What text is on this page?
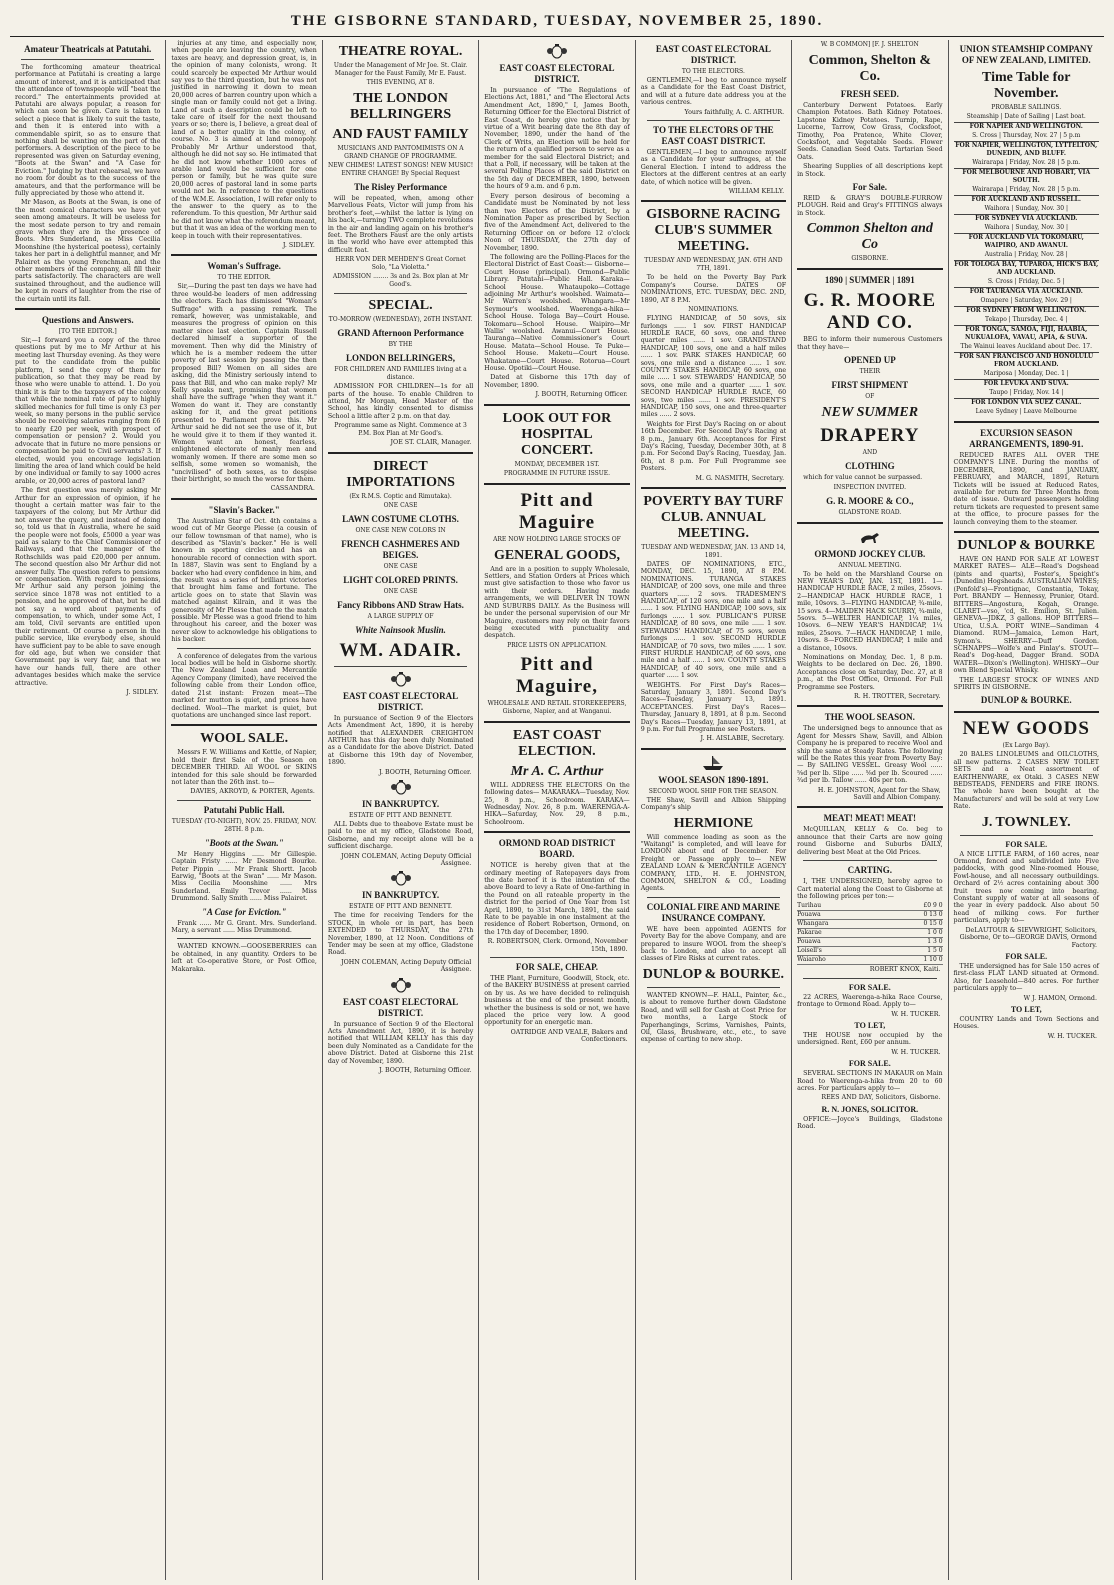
THE GISBORNE STANDARD, TUESDAY, NOVEMBER 25, 1890.
Amateur Theatricals at Patutahi.

The forthcoming amateur theatrical performance at Patutahi is creating a large amount of interest, and it is anticipated that the attendance of townspeople will "beat the record." The entertainments provided at Patutahi are always popular, a reason for which can soon be given. Care is taken to select a piece that is likely to suit the taste, and then it is entered into with a commendable spirit, so as to ensure that nothing shall be wanting on the part of the performers. A description of the piece to be represented was given on Saturday evening, "Boots at the Swan" and "A Case for Eviction." Judging by that rehearsal, we have no room for doubt as to the success of the amateurs, and that the performance will be fully appreciated by those who attend it.

Mr Mason, as Boots at the Swan, is one of the most comical characters we have yet seen among amateurs. It will be useless for the most sedate person to try and remain grave when they are in the presence of Boots. Mrs Sunderland, as Miss Cecilia Moonshine (the hysterical poetess), certainly takes her part in a delightful manner, and Mr Palairet as the young Frenchman, and the other members of the company, all fill their parts satisfactorily. The characters are well sustained throughout, and the audience will be kept in roars of laughter from the rise of the curtain until its fall.

Questions and Answers.
[TO THE EDITOR.]

Sir,—I forward you a copy of the three questions put by me to Mr Arthur at his meeting last Thursday evening. As they were put to the candidate from the public platform, I send the copy of them for publication, so that they may be read by those who were unable to attend. 1. Do you think it is fair to the taxpayers of the colony that while the nominal rate of pay to highly skilled mechanics for full time is only £3 per week, so many persons in the public service should be receiving salaries ranging from £6 to nearly £20 per week, with prospect of compensation or pension? 2. Would you advocate that in future no more pensions or compensation be paid to Civil servants? 3. If elected, would you encourage legislation limiting the area of land which could be held by one individual or family to say 1000 acres arable, or 20,000 acres of pastoral land?

The first question was merely asking Mr Arthur for an expression of opinion, if he thought a certain matter was fair to the taxpayers of the colony, but Mr Arthur did not answer the query, and instead of doing so, told us that in Australia, where he said the people were not fools, £5000 a year was paid as salary to the Chief Commissioner of Railways, and that the manager of the Rothschilds was paid £20,000 per annum. The second question also Mr Arthur did not answer fully. The question refers to pensions or compensation. With regard to pensions, Mr Arthur said any person joining the service since 1878 was not entitled to a pension, and he approved of that, but he did not say a word about payments of compensation, to which, under some Act, I am told, Civil servants are entitled upon their retirement. Of course a person in the public service, like everybody else, should have sufficient pay to be able to save enough for old age, but when we consider that Government pay is very fair, and that we have our hands full, there are other advantages besides which make the service attractive.

J. SIDLEY.

injuries at any time, and especially now, when people are leaving the country, when taxes are heavy, and depression great, is, in the opinion of many colonists, wrong. It could scarcely be expected Mr Arthur would say yes to the third question, but he was not justified in narrowing it down to mean 20,000 acres of barren country upon which a single man or family could not get a living. Land of such a description could be left to take care of itself for the next thousand years or so; there is, I believe, a great deal of land of a better quality in the colony, of course. No. 3 is aimed at land monopoly. Probably Mr Arthur understood that, although he did not say so. He intimated that he did not know whether 1000 acres of arable land would be sufficient for one person or family, but he was quite sure 20,000 acres of pastoral land in some parts would not be. In reference to the questions of the W.M.E. Association, I will refer only to the answer to the query as to the referendum. To this question, Mr Arthur said he did not know what the referendum meant, but that it was an idea of the working men to keep in touch with their representatives.

J. SIDLEY.
Woman's Suffrage.
TO THE EDITOR.

Sir,—During the past ten days we have had three would-be leaders of men addressing the electors. Each has dismissed "Woman's Suffrage" with a passing remark. The remark, however, was unmistakable, and measures the progress of opinion on this matter since last election. Captain Russell declared himself a supporter of the movement. Then why did the Ministry of which he is a member redeem the utter poverty of last session by passing the then proposed Bill? Women on all sides are asking, did the Ministry seriously intend to pass that Bill, and who can make reply? Mr Kelly speaks next, promising that women shall have the suffrage "when they want it." Women do want it. They are constantly asking for it, and the great petitions presented to Parliament prove this. Mr Arthur said he did not see the use of it, but he would give it to them if they wanted it. Women want an honest, fearless, enlightened electorate of manly men and womanly women. If there are some men so selfish, some women so womanish, the "uncivilised" of both sexes, as to despise their birthright, so much the worse for them.

CASSANDRA.
"Slavin's Backer."

The Australian Star of Oct. 4th contains a wood cut of Mr George Plesse (a cousin of our fellow townsman of that name), who is described as "Slavin's backer." He is well known in sporting circles and has an honourable record of connection with sport. In 1887, Slavin was sent to England by a backer who had every confidence in him, and the result was a series of brilliant victories that brought him fame and fortune. The article goes on to state that Slavin was matched against Kilrain, and it was the generosity of Mr Plesse that made the match possible. Mr Plesse was a good friend to him throughout his career, and the boxer was never slow to acknowledge his obligations to his backer.

A conference of delegates from the various local bodies will be held in Gisborne shortly. The New Zealand Loan and Mercantile Agency Company (limited), have received the following cable from their London office, dated 21st instant: Frozen meat—The market for mutton is quiet, and prices have declined. Wool—The market is quiet, but quotations are unchanged since last report.

WOOL SALE.

Messrs F. W. Williams and Kettle, of Napier, hold their first Sale of the Season on DECEMBER THIRD. All WOOL or SKINS intended for this sale should be forwarded not later than the 26th inst. to—

DAVIES, AKROYD, & PORTER, Agents.
Patutahi Public Hall.
TUESDAY (TO-NIGHT), NOV. 25. FRIDAY, NOV. 28TH. 8 p.m.
"Boots at the Swan."

Mr Henry Higgins ...... Mr Gillespie. Captain Fristy ...... Mr Desmond Bourke. Peter Pippin ...... Mr Frank Shortt. Jacob Earwig, "Boots at the Swan" ...... Mr Mason. Miss Cecilia Moonshine ...... Mrs Sunderland. Emily Trevor ...... Miss Drummond. Sally Smith ...... Miss Palairet.

"A Case for Eviction."

Frank ...... Mr G. Grant. Mrs. Sunderland. Mary, a servant ...... Miss Drummond.

WANTED KNOWN.—GOOSEBERRIES can be obtained, in any quantity. Orders to be left at Co-operative Store, or Post Office, Makaraka.

THEATRE ROYAL.
Under the Management of Mr Joe. St. Clair. Manager for the Faust Family, Mr E. Faust.
THIS EVENING, AT 8.
THE LONDON BELLRINGERS
AND FAUST FAMILY
MUSICIANS AND PANTOMIMISTS ON A GRAND CHANGE OF PROGRAMME.
NEW CHIMES! LATEST SONGS! NEW MUSIC! ENTIRE CHANGE! By Special Request
The Risley Performance

will be repeated, when, among other Marvellous Feats, Victor will jump from his brother's feet,—whilst the latter is lying on his back,—turning TWO complete revolutions in the air and landing again on his brother's feet. The Brothers Faust are the only artists in the world who have ever attempted this difficult feat.

HERR VON DER MEHDEN'S Great Cornet Solo, "La Violetta."
ADMISSION ........ 3s and 2s. Box plan at Mr Good's.
SPECIAL.
TO-MORROW (WEDNESDAY), 26TH INSTANT.
GRAND Afternoon Performance
BY THE
LONDON BELLRINGERS,
FOR CHILDREN AND FAMILIES living at a distance.

ADMISSION FOR CHILDREN—1s for all parts of the house. To enable Children to attend, Mr Morgan, Head Master of the School, has kindly consented to dismiss School a little after 2 p.m. on that day.

Programme same as Night. Commence at 3 P.M. Box Plan at Mr Good's.
JOE ST. CLAIR, Manager.
DIRECT IMPORTATIONS
(Ex R.M.S. Coptic and Rimutaka).
ONE CASE
LAWN COSTUME CLOTHS.
ONE CASE NEW COLORS IN
FRENCH CASHMERES AND BEIGES.
ONE CASE
LIGHT COLORED PRINTS.
ONE CASE
Fancy Ribbons AND Straw Hats.
A LARGE SUPPLY OF
White Nainsook Muslin.
WM. ADAIR.
EAST COAST ELECTORAL DISTRICT.

In pursuance of Section 9 of the Electors Acts Amendment Act, 1890, it is hereby notified that ALEXANDER CREIGHTON ARTHUR has this day been duly Nominated as a Candidate for the above District. Dated at Gisborne this 19th day of November, 1890.

J. BOOTH, Returning Officer.
IN BANKRUPTCY.
ESTATE OF PITT AND BENNETT.

ALL Debts due to theabove Estate must be paid to me at my office, Gladstone Road, Gisborne, and my receipt alone will be a sufficient discharge.

JOHN COLEMAN, Acting Deputy Official Assignee.
IN BANKRUPTCY.
ESTATE OF PITT AND BENNETT.

The time for receiving Tenders for the STOCK, in whole or in part, has been EXTENDED to THURSDAY, the 27th November, 1890, at 12 Noon. Conditions of Tender may be seen at my office, Gladstone Road.

JOHN COLEMAN, Acting Deputy Official Assignee.
EAST COAST ELECTORAL DISTRICT.

In pursuance of Section 9 of the Electoral Acts Amendment Act, 1890, it is hereby notified that WILLIAM KELLY has this day been duly Nominated as a Candidate for the above District. Dated at Gisborne this 21st day of November, 1890.

J. BOOTH, Returning Officer.
EAST COAST ELECTORAL DISTRICT.

In pursuance of "The Regulations of Elections Act, 1881," and "The Electoral Acts Amendment Act, 1890," I, James Booth, Returning Officer for the Electoral District of East Coast, do hereby give notice that by virtue of a Writ bearing date the 8th day of November, 1890, under the hand of the Clerk of Writs, an Election will be held for the return of a qualified person to serve as a member for the said Electoral District; and that a Poll, if necessary, will be taken at the several Polling Places of the said District on the 5th day of DECEMBER, 1890, between the hours of 9 a.m. and 6 p.m.

Every person desirous of becoming a Candidate must be Nominated by not less than two Electors of the District, by a Nomination Paper as prescribed by Section five of the Amendment Act, delivered to the Returning Officer on or before 12 o'clock Noon of THURSDAY, the 27th day of November, 1890.

The following are the Polling-Places for the Electoral District of East Coast:— Gisborne—Court House (principal). Ormond—Public Library. Patutahi—Public Hall. Karaka—School House. Whataupoko—Cottage adjoining Mr Arthur's woolshed. Waimata—Mr Warren's woolshed. Whangara—Mr Seymour's woolshed. Waerenga-a-hika—School House. Tologa Bay—Court House. Tokomaru—School House. Waipiro—Mr Wallis' woolshed. Awanui—Court House. Tauranga—Native Commissioner's Court House. Matata—School House. Te Puke—School House. Maketu—Court House. Whakatane—Court House. Rotorua—Court House. Opotiki—Court House.

Dated at Gisborne this 17th day of November, 1890.

J. BOOTH, Returning Officer.
LOOK OUT FOR HOSPITAL CONCERT.
MONDAY, DECEMBER 1ST.
PROGRAMME IN FUTURE ISSUE.
Pitt and Maguire
ARE NOW HOLDING LARGE STOCKS OF
GENERAL GOODS,

And are in a position to supply Wholesale, Settlers, and Station Orders at Prices which must give satisfaction to those who favor us with their orders. Having made arrangements, we will DELIVER IN TOWN AND SUBURBS DAILY. As the Business will be under the personal supervision of our Mr Maguire, customers may rely on their favors being executed with punctuality and despatch.

PRICE LISTS ON APPLICATION.
Pitt and Maguire,
WHOLESALE AND RETAIL STOREKEEPERS, Gisborne, Napier, and at Wanganui.
EAST COAST ELECTION.
Mr A. C. Arthur

WILL ADDRESS THE ELECTORS On the following dates— MAKARAKA—Tuesday, Nov. 25, 8 p.m., Schoolroom. KARAKA—Wednesday, Nov. 26, 8 p.m. WAERENGA-A-HIKA—Saturday, Nov. 29, 8 p.m., Schoolroom.

ORMOND ROAD DISTRICT BOARD.

NOTICE is hereby given that at the ordinary meeting of Ratepayers days from the date hereof it is the intention of the above Board to levy a Rate of One-farthing in the Pound on all rateable property in the district for the period of One Year from 1st April, 1890, to 31st March, 1891, the said Rate to be payable in one instalment at the residence of Robert Robertson, Ormond, on the 17th day of December, 1890.

R. ROBERTSON, Clerk. Ormond, November 15th, 1890.
FOR SALE, CHEAP.

THE Plant, Furniture, Goodwill, Stock, etc. of the BAKERY BUSINESS at present carried on by us. As we have decided to relinquish business at the end of the present month, whether the business is sold or not, we have placed the price very low. A good opportunity for an energetic man.

OATRIDGE AND VEALE, Bakers and Confectioners.
EAST COAST ELECTORAL DISTRICT.
TO THE ELECTORS.

GENTLEMEN,—I beg to announce myself as a Candidate for the East Coast District, and will at a future date address you at the various centres.

Yours faithfully, A. C. ARTHUR.
TO THE ELECTORS OF THE EAST COAST DISTRICT.

GENTLEMEN,—I beg to announce myself as a Candidate for your suffrages, at the General Election. I intend to address the Electors at the different centres at an early date, of which notice will be given.

WILLIAM KELLY.
GISBORNE RACING CLUB'S SUMMER MEETING.
TUESDAY AND WEDNESDAY, JAN. 6TH AND 7TH, 1891.

To be held on the Poverty Bay Park Company's Course. DATES OF NOMINATIONS, ETC. TUESDAY, DEC. 2ND, 1890, AT 8 P.M.

NOMINATIONS.

FLYING HANDICAP, of 50 sovs, six furlongs ...... 1 sov. FIRST HANDICAP HURDLE RACE, 60 sovs, one and three quarter miles ...... 1 sov. GRANDSTAND HANDICAP, 100 sovs, one and a half miles ...... 1 sov. PARK STAKES HANDICAP, 60 sovs, one mile and a distance ...... 1 sov. COUNTY STAKES HANDICAP, 60 sovs, one mile ...... 1 sov. STEWARDS' HANDICAP, 50 sovs, one mile and a quarter ...... 1 sov. SECOND HANDICAP HURDLE RACE, 60 sovs, two miles ...... 1 sov. PRESIDENT'S HANDICAP, 150 sovs, one and three-quarter miles ...... 2 sovs.

Weights for First Day's Racing on or about 16th December. For Second Day's Racing at 8 p.m., January 6th. Acceptances for First Day's Racing, Tuesday, December 30th, at 8 p.m. For Second Day's Racing, Tuesday, Jan. 6th, at 8 p.m. For Full Programme see Posters.

M. G. NASMITH, Secretary.
POVERTY BAY TURF CLUB. ANNUAL MEETING.
TUESDAY AND WEDNESDAY, JAN. 13 AND 14, 1891.

DATES OF NOMINATIONS, ETC., MONDAY, DEC. 15, 1890, AT 8 P.M. NOMINATIONS. TURANGA STAKES HANDICAP, of 200 sovs, one mile and three quarters ...... 2 sovs. TRADESMEN'S HANDICAP, of 120 sovs, one mile and a half ...... 1 sov. FLYING HANDICAP, 100 sovs, six furlongs ...... 1 sov. PUBLICAN'S PURSE HANDICAP, of 80 sovs, one mile ...... 1 sov. STEWARDS' HANDICAP, of 75 sovs, seven furlongs ...... 1 sov. SECOND HURDLE HANDICAP, of 70 sovs, two miles ...... 1 sov. FIRST HURDLE HANDICAP, of 60 sovs, one mile and a half ...... 1 sov. COUNTY STAKES HANDICAP, of 40 sovs, one mile and a quarter ...... 1 sov.

WEIGHTS. For First Day's Races—Saturday, January 3, 1891. Second Day's Races—Tuesday, January 13, 1891. ACCEPTANCES. First Day's Races—Thursday, January 8, 1891, at 8 p.m. Second Day's Races—Tuesday, January 13, 1891, at 9 p.m. For full Programme see Posters.

J. H. AISLABIE, Secretary.
WOOL SEASON 1890-1891.
SECOND WOOL SHIP FOR THE SEASON.

THE Shaw, Savill and Albion Shipping Company's ship

HERMIONE

Will commence loading as soon as the "Waitangi" is completed, and will leave for LONDON about end of December. For Freight or Passage apply to— NEW ZEALAND LOAN & MERCANTILE AGENCY COMPANY, LTD., H. E. JOHNSTON, COMMON, SHELTON & CO., Loading Agents.

COLONIAL FIRE AND MARINE INSURANCE COMPANY.

WE have been appointed AGENTS for Poverty Bay for the above Company, and are prepared to insure WOOL from the sheep's back to London, and also to accept all classes of Fire Risks at current rates.

DUNLOP & BOURKE.

WANTED KNOWN—F. HALL, Painter, &c., is about to remove further down Gladstone Road, and will sell for Cash at Cost Price for two months, a Large Stock of Paperhangings, Scrims, Varnishes, Paints, Oil, Glass, Brushware, etc., etc., to save expense of carting to new shop.

W. B COMMON] [F. J. SHELTON
Common, Shelton & Co.
FRESH SEED.

Canterbury Derwent Potatoes. Early Champion Potatoes. Bath Kidney Potatoes. Lapstone Kidney Potatoes. Turnip, Rape, Lucerne, Tarrow, Cow Grass, Cocksfoot, Timothy, Poa Pratence, White Clover, Cocksfoot, and Vegetable Seeds. Flower Seeds. Canadian Seed Oats. Tartarian Seed Oats.

Shearing Supplies of all descriptions kept in Stock.

For Sale.

REID & GRAY'S DOUBLE-FURROW PLOUGH. Reid and Gray's FITTINGS always in Stock.

Common Shelton and Co
GISBORNE.
1890 | SUMMER | 1891
G. R. MOORE AND CO.

BEG to inform their numerous Customers that they have—

OPENED UP
THEIR
FIRST SHIPMENT
OF
NEW SUMMER
DRAPERY
AND
CLOTHING

which for value cannot be surpassed.

INSPECTION INVITED.
G. R. MOORE & CO.,
GLADSTONE ROAD.
ORMOND JOCKEY CLUB.
ANNUAL MEETING.

To be held on the Marshland Course on NEW YEAR'S DAY, JAN. 1ST, 1891. 1—HANDICAP HURDLE RACE, 2 miles, 25sovs. 2—HANDICAP HACK HURDLE RACE, 1 mile, 10sovs. 3—FLYING HANDICAP, ¾-mile, 15 sovs. 4—MAIDEN HACK SCURRY, ¾-mile, 5sovs. 5—WELTER HANDICAP, 1¼ miles, 10sovs. 6—NEW YEAR'S HANDICAP, 1¼ miles, 25sovs. 7—HACK HANDICAP, 1 mile, 10sovs. 8—FORCED HANDICAP, 1 mile and a distance, 10sovs.

Nominations on Monday, Dec. 1, 8 p.m. Weights to be declared on Dec. 26, 1890. Acceptances close on Saturday, Dec. 27, at 8 p.m., at the Post Office, Ormond. For Full Programme see Posters.

R. H. TROTTER, Secretary.
THE WOOL SEASON.

The undersigned begs to announce that as Agent for Messrs Shaw, Savill, and Albion Company he is prepared to receive Wool and ship the same at Steady Rates. The following will be the Rates this year from Poverty Bay:— By SAILING VESSEL. Greasy Wool ...... ⅝d per lb. Slipe ...... ⅝d per lb. Scoured ...... ¾d per lb. Tallow ...... 40s per ton.

H. E. JOHNSTON, Agent for the Shaw, Savill and Albion Company.
MEAT! MEAT! MEAT!

McQUILLAN, KELLY & Co. beg to announce that their Carts are now going round Gisborne and Suburbs DAILY, delivering best Meat at the Old Prices.

CARTING.

I, THE UNDERSIGNED, hereby agree to Cart material along the Coast to Gisborne at the following prices per ton:—

Turihau	£0 9 0
Pouawa	0 13 0
Whangara	0 15 0
Pakarae	1 0 0
Pouawa	1 3 0
Loisell's	1 5 0
Waiaroho	1 10 0
ROBERT KNOX, Kaiti.
FOR SALE.

22 ACRES, Waerenga-a-hika Race Course, frontage to Ormond Road. Apply to—

W. H. TUCKER.
TO LET,

THE HOUSE now occupied by the undersigned. Rent, £60 per annum.

W. H. TUCKER.
FOR SALE.

SEVERAL SECTIONS IN MAKAUR on Main Road to Waerenga-a-hika from 20 to 60 acres. For particulars apply to—

REES AND DAY, Solicitors, Gisborne.
R. N. JONES, SOLICITOR.

OFFICE:—Joyce's Buildings, Gladstone Road.

UNION STEAMSHIP COMPANY OF NEW ZEALAND, LIMITED.
Time Table for November.
PROBABLE SAILINGS.
Steamship | Date of Sailing | Last boat.
FOR NAPIER AND WELLINGTON.
S. Cross | Thursday, Nov. 27 | 5 p.m
FOR NAPIER, WELLINGTON, LYTTELTON, DUNEDIN, AND BLUFF.
Wairarapa | Friday, Nov. 28 | 5 p.m.
FOR MELBOURNE AND HOBART, VIA SOUTH.
Wairarapa | Friday, Nov. 28 | 5 p.m.
FOR AUCKLAND AND RUSSELL.
Waihora | Sunday, Nov. 30 |
FOR SYDNEY VIA AUCKLAND.
Waihora | Sunday, Nov. 30 |
FOR AUCKLAND VIA TOKOMARU, WAIPIRO, AND AWANUI.
Australia | Friday, Nov. 28 |
FOR TOLOGA BAY, TUPAROA, HICK'S BAY, AND AUCKLAND.
S. Cross | Friday, Dec. 5 |
FOR TAURANGA VIA AUCKLAND.
Omapere | Saturday, Nov. 29 |
FOR SYDNEY FROM WELLINGTON.
Tekapo | Thursday, Dec. 4 |
FOR TONGA, SAMOA, FIJI, HAABIA, NUKUALOFA, VAVAU, APIA, & SUVA.
The Wainui leaves Auckland about Dec. 17.
FOR SAN FRANCISCO AND HONOLULU FROM AUCKLAND.
Mariposa | Monday, Dec. 1 |
FOR LEVUKA AND SUVA.
Taupo | Friday, Nov. 14 |
FOR LONDON VIA SUEZ CANAL.
Leave Sydney | Leave Melbourne
EXCURSION SEASON ARRANGEMENTS, 1890-91.

REDUCED RATES ALL OVER THE COMPANY'S LINE. During the months of DECEMBER, 1890, and JANUARY, FEBRUARY, and MARCH, 1891, Return Tickets will be issued at Reduced Rates, available for return for Three Months from date of issue. Outward passengers holding return tickets are requested to present same at the office, to procure passes for the launch conveying them to the steamer.

DUNLOP & BOURKE

HAVE ON HAND FOR SALE AT LOWEST MARKET RATES— ALE—Read's Dogshead (pints and quarts), Foster's, Speight's (Dunedin) Hogsheads. AUSTRALIAN WINES; (Penfold's)—Frontignac, Constantia, Tokay, Port. BRANDY — Hennessy, Prunier, Otard. BITTERS—Angostura, Kogah, Orange. CLARET—vso, 'cd, St. Emilion, St. Julien. GENEVA—JDKZ, 3 gallons. HOP BITTERS—Utica, U.S.A. PORT WINE—Sandiman 4 Diamond. RUM—Jamaica, Lemon Hart, Symon's. SHERRY—Duff Gordon. SCHNAPPS—Wolfe's and Finlay's. STOUT—Read's Dog-head, Dagger Brand. SODA WATER—Dixon's (Wellington). WHISKY—Our own Blend Special Whisky.

THE LARGEST STOCK OF WINES AND SPIRITS IN GISBORNE.

DUNLOP & BOURKE.
NEW GOODS
(Ex Largo Bay).

20 BALES LINOLEUMS and OILCLOTHS, all new patterns. 2 CASES NEW TOILET SETS and a Neat assortment of EARTHENWARE, ex Otaki. 3 CASES NEW BEDSTEADS, FENDERS and FIRE IRONS. The whole have been bought at the Manufacturers' and will be sold at very Low Rate.

J. TOWNLEY.
FOR SALE.

A NICE LITTLE FARM, of 160 acres, near Ormond, fenced and subdivided into Five paddocks, with good Nine-roomed House, Fowl-house, and all necessary outbuildings. Orchard of 2½ acres containing about 300 fruit trees now coming into bearing. Constant supply of water at all seasons of the year in every paddock. Also about 50 head of milking cows. For further particulars, apply to—

DeLAUTOUR & SIEVWRIGHT, Solicitors, Gisborne, Or to—GEORGE DAVIS, Ormond Factory.
FOR SALE.

THE undersigned has for Sale 150 acres of first-class FLAT LAND situated at Ormond. Also, for Leasehold—840 acres. For further particulars apply to—

W J. HAMON, Ormond.
TO LET,

COUNTRY Lands and Town Sections and Houses.

W. H. TUCKER.
